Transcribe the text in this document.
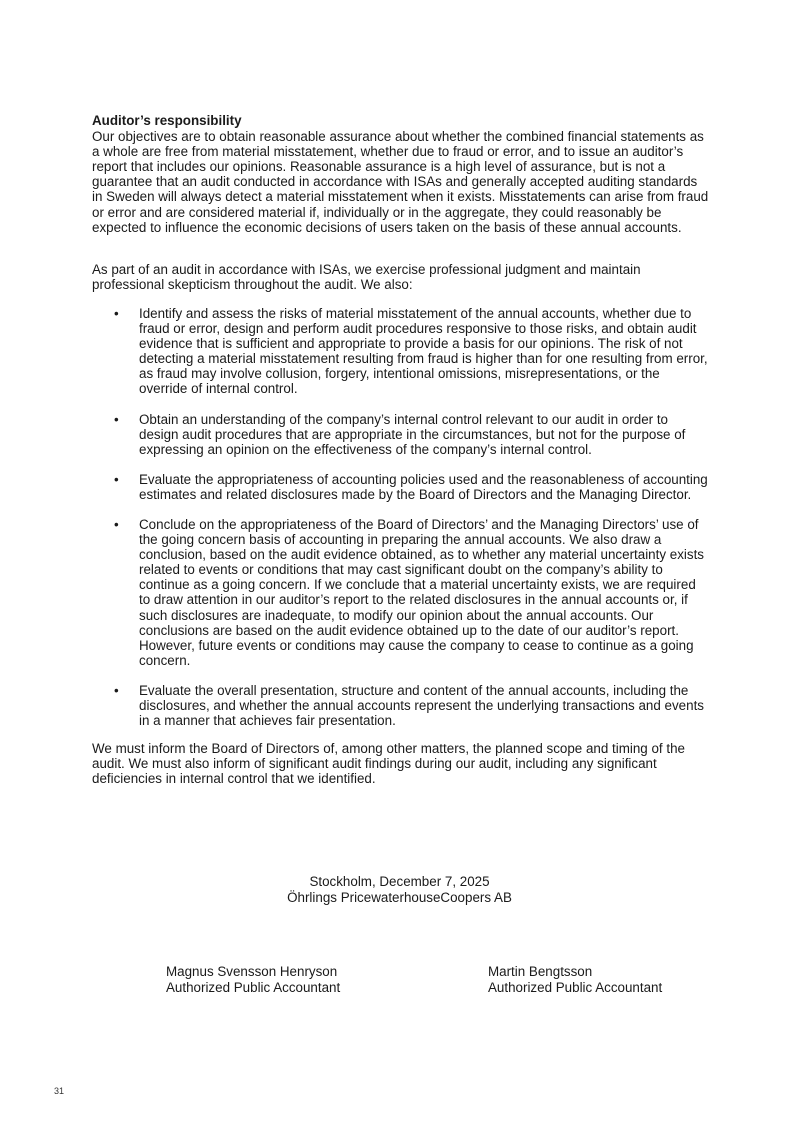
Auditor’s responsibility

Our objectives are to obtain reasonable assurance about whether the combined financial statements as a whole are free from material misstatement, whether due to fraud or error, and to issue an auditor’s report that includes our opinions. Reasonable assurance is a high level of assurance, but is not a guarantee that an audit conducted in accordance with ISAs and generally accepted auditing standards in Sweden will always detect a material misstatement when it exists. Misstatements can arise from fraud or error and are considered material if, individually or in the aggregate, they could reasonably be expected to influence the economic decisions of users taken on the basis of these annual accounts.

As part of an audit in accordance with ISAs, we exercise professional judgment and maintain professional skepticism throughout the audit. We also:

• Identify and assess the risks of material misstatement of the annual accounts, whether due to fraud or error, design and perform audit procedures responsive to those risks, and obtain audit evidence that is sufficient and appropriate to provide a basis for our opinions. The risk of not detecting a material misstatement resulting from fraud is higher than for one resulting from error, as fraud may involve collusion, forgery, intentional omissions, misrepresentations, or the override of internal control.
• Obtain an understanding of the company’s internal control relevant to our audit in order to design audit procedures that are appropriate in the circumstances, but not for the purpose of expressing an opinion on the effectiveness of the company’s internal control.
• Evaluate the appropriateness of accounting policies used and the reasonableness of accounting estimates and related disclosures made by the Board of Directors and the Managing Director.
• Conclude on the appropriateness of the Board of Directors’ and the Managing Directors’ use of the going concern basis of accounting in preparing the annual accounts. We also draw a conclusion, based on the audit evidence obtained, as to whether any material uncertainty exists related to events or conditions that may cast significant doubt on the company’s ability to continue as a going concern. If we conclude that a material uncertainty exists, we are required to draw attention in our auditor’s report to the related disclosures in the annual accounts or, if such disclosures are inadequate, to modify our opinion about the annual accounts. Our conclusions are based on the audit evidence obtained up to the date of our auditor’s report. However, future events or conditions may cause the company to cease to continue as a going concern.
• Evaluate the overall presentation, structure and content of the annual accounts, including the disclosures, and whether the annual accounts represent the underlying transactions and events in a manner that achieves fair presentation.

We must inform the Board of Directors of, among other matters, the planned scope and timing of the audit. We must also inform of significant audit findings during our audit, including any significant deficiencies in internal control that we identified.

Stockholm, December 7, 2025
Öhrlings PricewaterhouseCoopers AB
Magnus Svensson Henryson
Authorized Public Accountant
Martin Bengtsson
Authorized Public Accountant
31
